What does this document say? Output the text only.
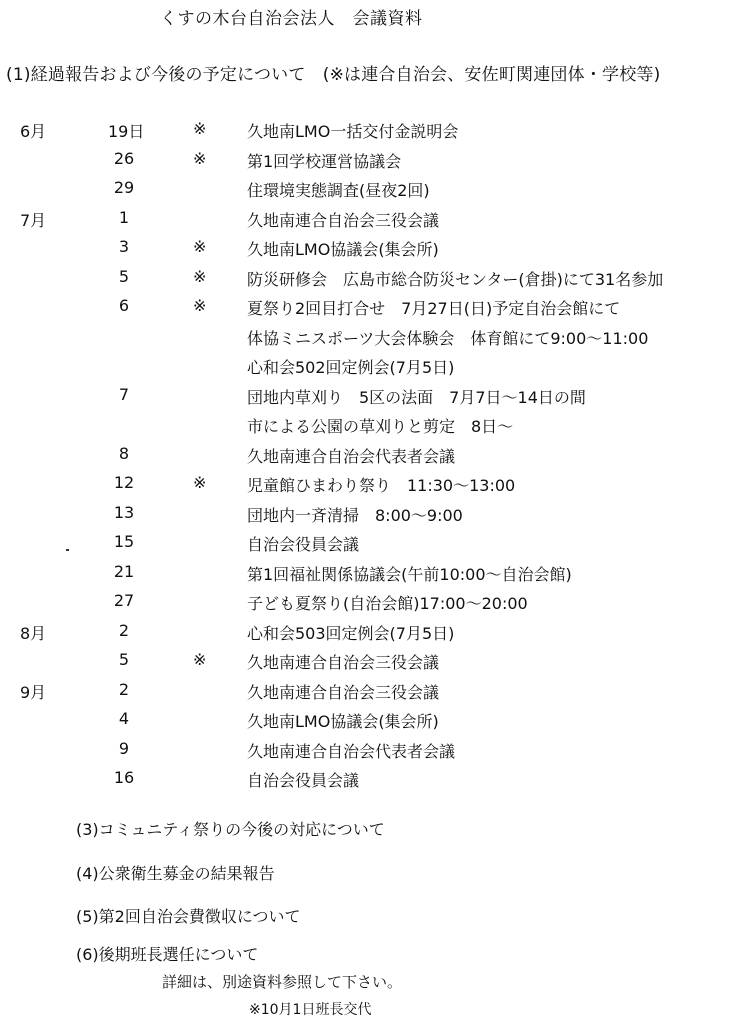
くすの木台自治会法人　会議資料
(1)経過報告および今後の予定について　(※は連合自治会、安佐町関連団体・学校等)
6月	19日	※	久地南LMO一括交付金説明会
26	※	第1回学校運営協議会
29	住環境実態調査(昼夜2回)
7月	1	久地南連合自治会三役会議
3	※	久地南LMO協議会(集会所)
5	※	防災研修会　広島市総合防災センター(倉掛)にて31名参加
6	※	夏祭り2回目打合せ　7月27日(日)予定自治会館にて
体協ミニスポーツ大会体験会　体育館にて9:00～11:00
心和会502回定例会(7月5日)
7	団地内草刈り　5区の法面　7月7日～14日の間
市による公園の草刈りと剪定　8日～
8	久地南連合自治会代表者会議
12	※	児童館ひまわり祭り　11:30～13:00
13	団地内一斉清掃　8:00～9:00
15	自治会役員会議
21	第1回福祉関係協議会(午前10:00～自治会館)
27	子ども夏祭り(自治会館)17:00～20:00
8月	2	心和会503回定例会(7月5日)
5	※	久地南連合自治会三役会議
9月	2	久地南連合自治会三役会議
4	久地南LMO協議会(集会所)
9	久地南連合自治会代表者会議
16	自治会役員会議
(3)コミュニティ祭りの今後の対応について
(4)公衆衛生募金の結果報告
(5)第2回自治会費徴収について
(6)後期班長選任について
詳細は、別途資料参照して下さい。
※10月1日班長交代
